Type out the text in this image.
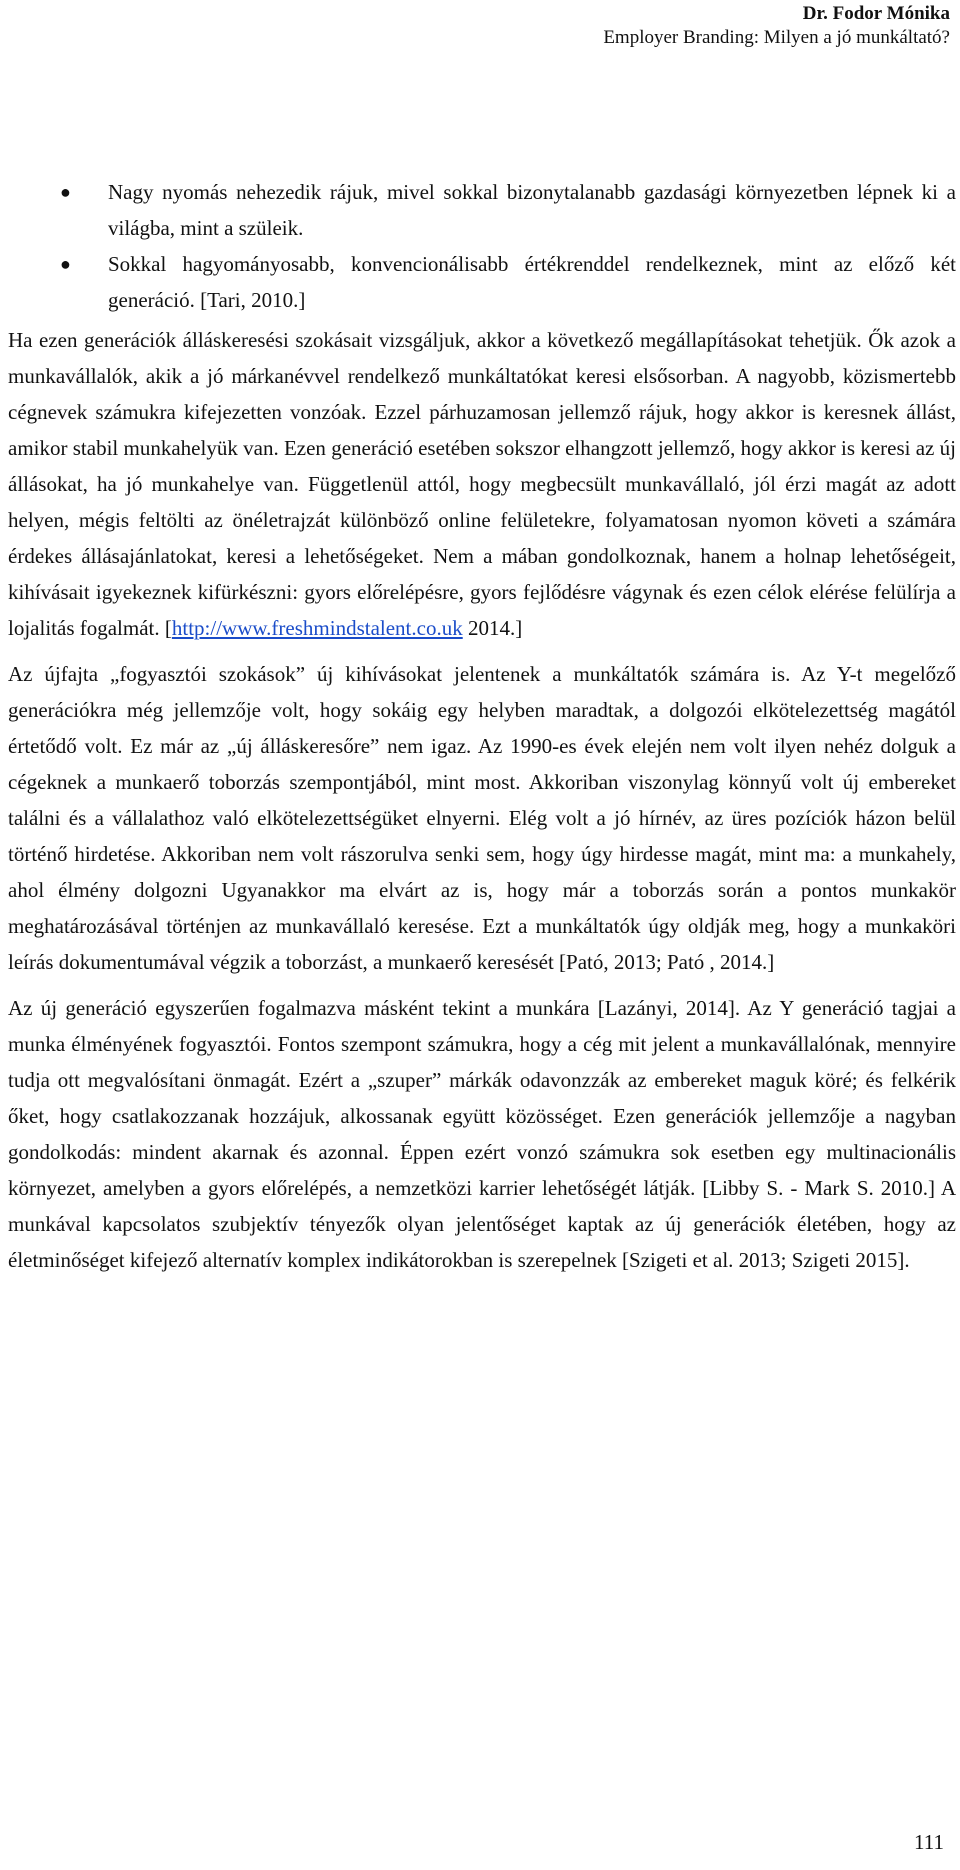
Dr. Fodor Mónika
Employer Branding: Milyen a jó munkáltató?
● Nagy nyomás nehezedik rájuk, mivel sokkal bizonytalanabb gazdasági környezetben lépnek ki a világba, mint a szüleik.
● Sokkal hagyományosabb, konvencionálisabb értékrenddel rendelkeznek, mint az előző két generáció. [Tari, 2010.]

Ha ezen generációk álláskeresési szokásait vizsgáljuk, akkor a következő megállapításokat tehetjük. Ők azok a munkavállalók, akik a jó márkanévvel rendelkező munkáltatókat keresi elsősorban. A nagyobb, közismertebb cégnevek számukra kifejezetten vonzóak. Ezzel párhuzamosan jellemző rájuk, hogy akkor is keresnek állást, amikor stabil munkahelyük van. Ezen generáció esetében sokszor elhangzott jellemző, hogy akkor is keresi az új állásokat, ha jó munkahelye van. Függetlenül attól, hogy megbecsült munkavállaló, jól érzi magát az adott helyen, mégis feltölti az önéletrajzát különböző online felületekre, folyamatosan nyomon követi a számára érdekes állásajánlatokat, keresi a lehetőségeket. Nem a mában gondolkoznak, hanem a holnap lehetőségeit, kihívásait igyekeznek kifürkészni: gyors előrelépésre, gyors fejlődésre vágynak és ezen célok elérése felülírja a lojalitás fogalmát. [http://www.freshmindstalent.co.uk 2014.]

Az újfajta „fogyasztói szokások” új kihívásokat jelentenek a munkáltatók számára is. Az Y-t megelőző generációkra még jellemzője volt, hogy sokáig egy helyben maradtak, a dolgozói elkötelezettség magától értetődő volt. Ez már az „új álláskeresőre” nem igaz. Az 1990-es évek elején nem volt ilyen nehéz dolguk a cégeknek a munkaerő toborzás szempontjából, mint most. Akkoriban viszonylag könnyű volt új embereket találni és a vállalathoz való elkötelezettségüket elnyerni. Elég volt a jó hírnév, az üres pozíciók házon belül történő hirdetése. Akkoriban nem volt rászorulva senki sem, hogy úgy hirdesse magát, mint ma: a munkahely, ahol élmény dolgozni Ugyanakkor ma elvárt az is, hogy már a toborzás során a pontos munkakör meghatározásával történjen az munkavállaló keresése. Ezt a munkáltatók úgy oldják meg, hogy a munkaköri leírás dokumentumával végzik a toborzást, a munkaerő keresését [Pató, 2013; Pató , 2014.]

Az új generáció egyszerűen fogalmazva másként tekint a munkára [Lazányi, 2014]. Az Y generáció tagjai a munka élményének fogyasztói. Fontos szempont számukra, hogy a cég mit jelent a munkavállalónak, mennyire tudja ott megvalósítani önmagát. Ezért a „szuper” márkák odavonzzák az embereket maguk köré; és felkérik őket, hogy csatlakozzanak hozzájuk, alkossanak együtt közösséget. Ezen generációk jellemzője a nagyban gondolkodás: mindent akarnak és azonnal. Éppen ezért vonzó számukra sok esetben egy multinacionális környezet, amelyben a gyors előrelépés, a nemzetközi karrier lehetőségét látják. [Libby S. - Mark S. 2010.] A munkával kapcsolatos szubjektív tényezők olyan jelentőséget kaptak az új generációk életében, hogy az életminőséget kifejező alternatív komplex indikátorokban is szerepelnek [Szigeti et al. 2013; Szigeti 2015].

111
